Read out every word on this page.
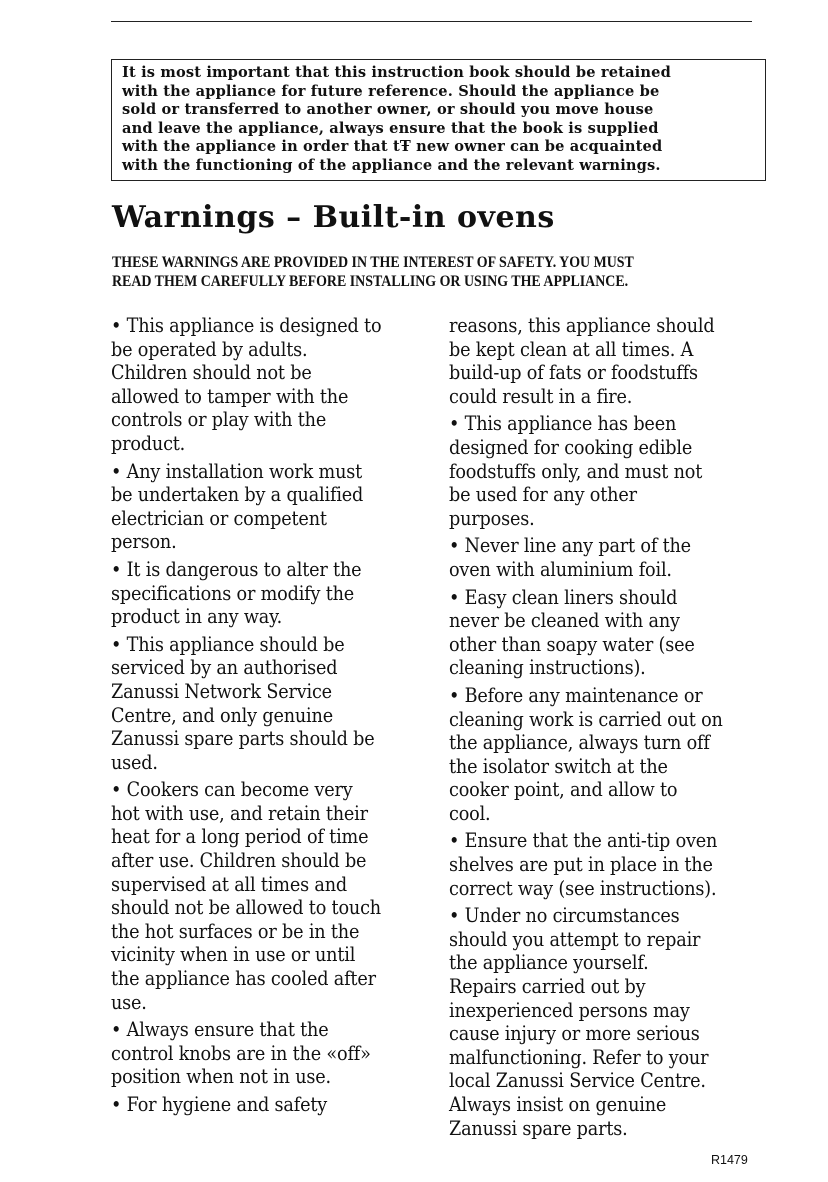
It is most important that this instruction book should be retained
with the appliance for future reference. Should the appliance be
sold or transferred to another owner, or should you move house
and leave the appliance, always ensure that the book is supplied
with the appliance in order that tŦ new owner can be acquainted
with the functioning of the appliance and the relevant warnings.
Warnings – Built-in ovens
THESE WARNINGS ARE PROVIDED IN THE INTEREST OF SAFETY. YOU MUST
READ THEM CAREFULLY BEFORE INSTALLING OR USING THE APPLIANCE.
• This appliance is designed to
be operated by adults.
Children should not be
allowed to tamper with the
controls or play with the
product.
• Any installation work must
be undertaken by a qualified
electrician or competent
person.
• It is dangerous to alter the
specifications or modify the
product in any way.
• This appliance should be
serviced by an authorised
Zanussi Network Service
Centre, and only genuine
Zanussi spare parts should be
used.
• Cookers can become very
hot with use, and retain their
heat for a long period of time
after use. Children should be
supervised at all times and
should not be allowed to touch
the hot surfaces or be in the
vicinity when in use or until
the appliance has cooled after
use.
• Always ensure that the
control knobs are in the «off»
position when not in use.
• For hygiene and safety
reasons, this appliance should
be kept clean at all times. A
build-up of fats or foodstuffs
could result in a fire.
• This appliance has been
designed for cooking edible
foodstuffs only, and must not
be used for any other
purposes.
• Never line any part of the
oven with aluminium foil.
• Easy clean liners should
never be cleaned with any
other than soapy water (see
cleaning instructions).
• Before any maintenance or
cleaning work is carried out on
the appliance, always turn off
the isolator switch at the
cooker point, and allow to
cool.
• Ensure that the anti-tip oven
shelves are put in place in the
correct way (see instructions).
• Under no circumstances
should you attempt to repair
the appliance yourself.
Repairs carried out by
inexperienced persons may
cause injury or more serious
malfunctioning. Refer to your
local Zanussi Service Centre.
Always insist on genuine
Zanussi spare parts.
R1479
